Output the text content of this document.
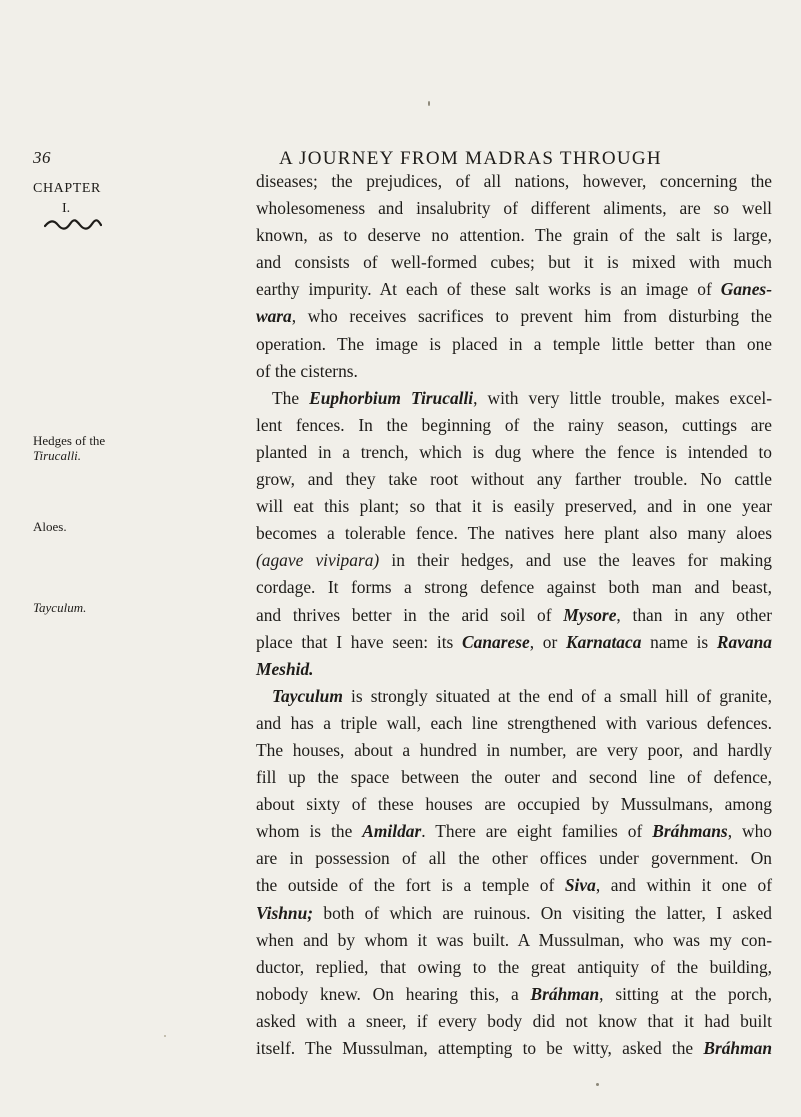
36	A JOURNEY FROM MADRAS THROUGH
CHAPTER
I.
Hedges of the
Tirucalli.
Aloes.
Tayculum.
diseases; the prejudices, of all nations, however, concerning the
wholesomeness and insalubrity of different aliments, are so well
known, as to deserve no attention. The grain of the salt is large,
and consists of well-formed cubes; but it is mixed with much
earthy impurity. At each of these salt works is an image of Ganes-
wara, who receives sacrifices to prevent him from disturbing the
operation. The image is placed in a temple little better than one
of the cisterns.
The Euphorbium Tirucalli, with very little trouble, makes excel-
lent fences. In the beginning of the rainy season, cuttings are
planted in a trench, which is dug where the fence is intended to
grow, and they take root without any farther trouble. No cattle
will eat this plant; so that it is easily preserved, and in one year
becomes a tolerable fence. The natives here plant also many aloes
(agave vivipara) in their hedges, and use the leaves for making
cordage. It forms a strong defence against both man and beast,
and thrives better in the arid soil of Mysore, than in any other
place that I have seen: its Canarese, or Karnataca name is Ravana
Meshid.
Tayculum is strongly situated at the end of a small hill of granite,
and has a triple wall, each line strengthened with various defences.
The houses, about a hundred in number, are very poor, and hardly
fill up the space between the outer and second line of defence,
about sixty of these houses are occupied by Mussulmans, among
whom is the Amildar. There are eight families of Bráhmans, who
are in possession of all the other offices under government. On
the outside of the fort is a temple of Siva, and within it one of
Vishnu; both of which are ruinous. On visiting the latter, I asked
when and by whom it was built. A Mussulman, who was my con-
ductor, replied, that owing to the great antiquity of the building,
nobody knew. On hearing this, a Bráhman, sitting at the porch,
asked with a sneer, if every body did not know that it had built
itself. The Mussulman, attempting to be witty, asked the Bráhman
